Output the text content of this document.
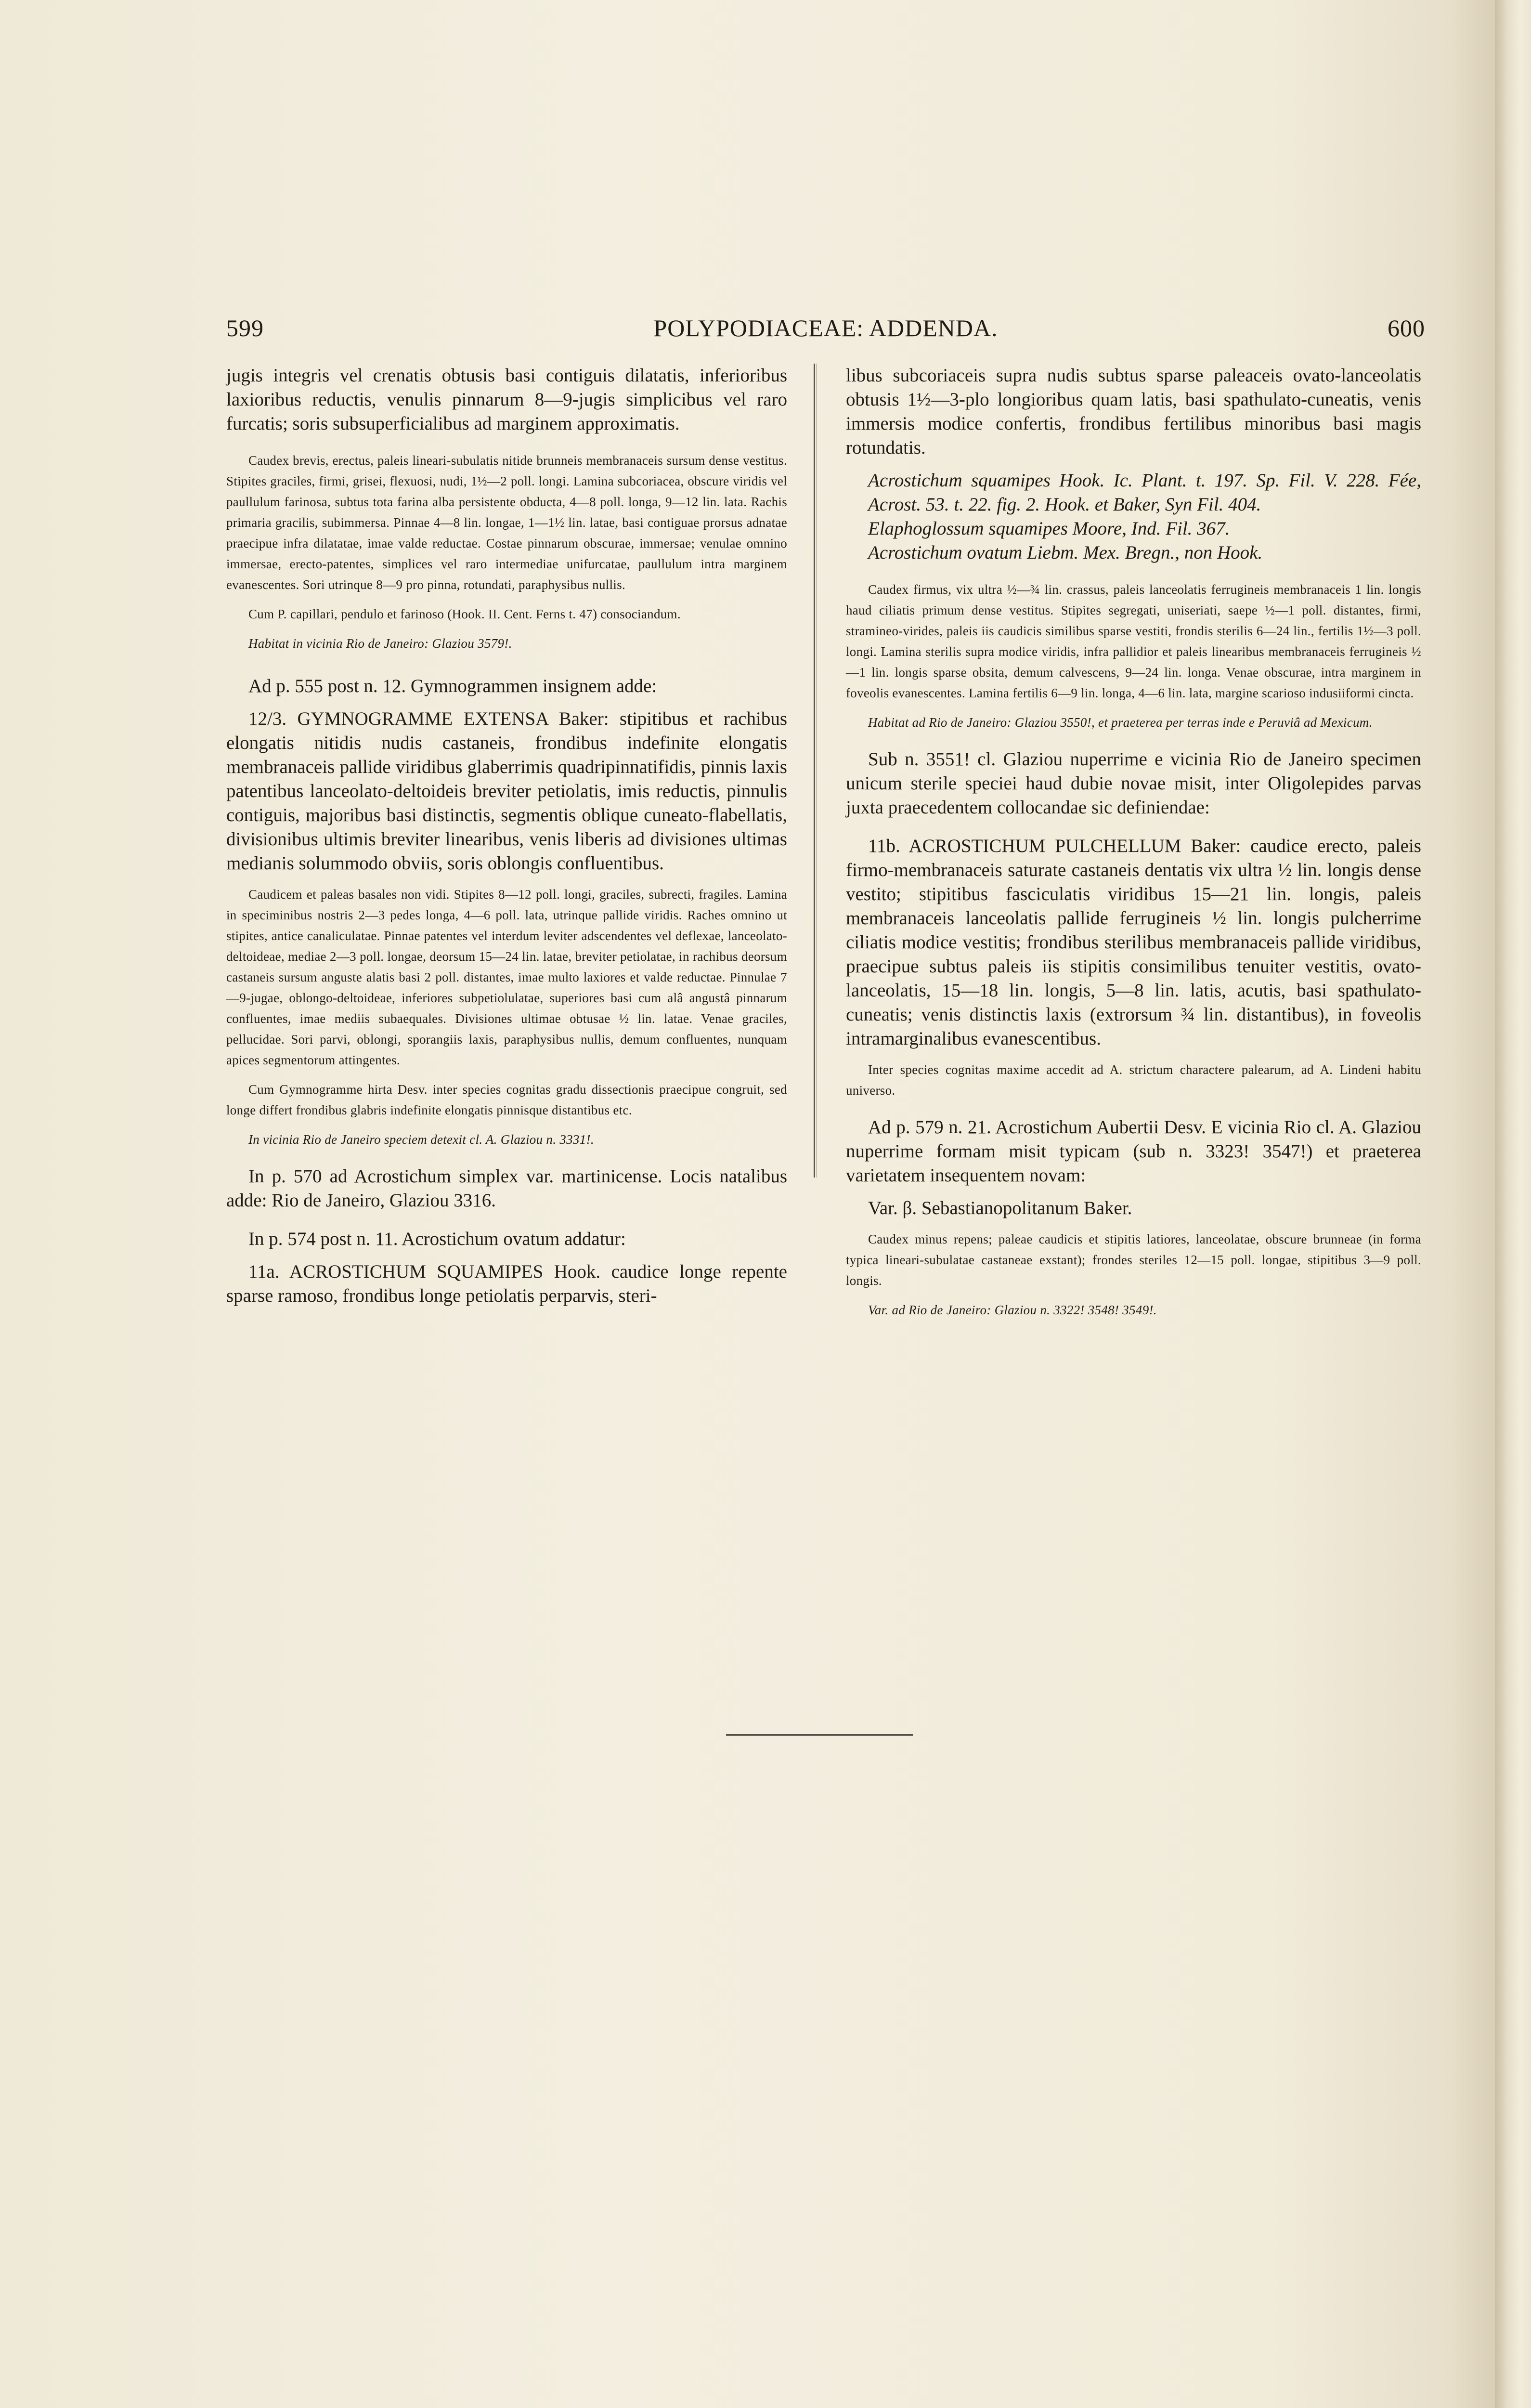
599	POLYPODIACEAE: ADDENDA.	600

jugis integris vel crenatis obtusis basi contiguis dilatatis, inferioribus laxioribus reductis, venulis pinnarum 8—9-jugis simplicibus vel raro furcatis; soris subsuperficialibus ad marginem approximatis.

Caudex brevis, erectus, paleis lineari-subulatis nitide brunneis membranaceis sursum dense vestitus. Stipites graciles, firmi, grisei, flexuosi, nudi, 1½—2 poll. longi. Lamina subcoriacea, obscure viridis vel paullulum farinosa, subtus tota farina alba persistente obducta, 4—8 poll. longa, 9—12 lin. lata. Rachis primaria gracilis, subimmersa. Pinnae 4—8 lin. longae, 1—1½ lin. latae, basi contiguae prorsus adnatae praecipue infra dilatatae, imae valde reductae. Costae pinnarum obscurae, immersae; venulae omnino immersae, erecto-patentes, simplices vel raro intermediae unifurcatae, paullulum intra marginem evanescentes. Sori utrinque 8—9 pro pinna, rotundati, paraphysibus nullis.

Cum P. capillari, pendulo et farinoso (Hook. II. Cent. Ferns t. 47) consociandum.

Habitat in vicinia Rio de Janeiro: Glaziou 3579!.

Ad p. 555 post n. 12. Gymnogrammen insignem adde:

12/3. GYMNOGRAMME EXTENSA Baker: stipitibus et rachibus elongatis nitidis nudis castaneis, frondibus indefinite elongatis membranaceis pallide viridibus glaberrimis quadripinnatifidis, pinnis laxis patentibus lanceolato-deltoideis breviter petiolatis, imis reductis, pinnulis contiguis, majoribus basi distinctis, segmentis oblique cuneato-flabellatis, divisionibus ultimis breviter linearibus, venis liberis ad divisiones ultimas medianis solummodo obviis, soris oblongis confluentibus.

Caudicem et paleas basales non vidi. Stipites 8—12 poll. longi, graciles, subrecti, fragiles. Lamina in speciminibus nostris 2—3 pedes longa, 4—6 poll. lata, utrinque pallide viridis. Raches omnino ut stipites, antice canaliculatae. Pinnae patentes vel interdum leviter adscendentes vel deflexae, lanceolato-deltoideae, mediae 2—3 poll. longae, deorsum 15—24 lin. latae, breviter petiolatae, in rachibus deorsum castaneis sursum anguste alatis basi 2 poll. distantes, imae multo laxiores et valde reductae. Pinnulae 7—9-jugae, oblongo-deltoideae, inferiores subpetiolulatae, superiores basi cum alâ angustâ pinnarum confluentes, imae mediis subaequales. Divisiones ultimae obtusae ½ lin. latae. Venae graciles, pellucidae. Sori parvi, oblongi, sporangiis laxis, paraphysibus nullis, demum confluentes, nunquam apices segmentorum attingentes.

Cum Gymnogramme hirta Desv. inter species cognitas gradu dissectionis praecipue congruit, sed longe differt frondibus glabris indefinite elongatis pinnisque distantibus etc.

In vicinia Rio de Janeiro speciem detexit cl. A. Glaziou n. 3331!.

In p. 570 ad Acrostichum simplex var. martinicense. Locis natalibus adde: Rio de Janeiro, Glaziou 3316.

In p. 574 post n. 11. Acrostichum ovatum addatur:

11a. ACROSTICHUM SQUAMIPES Hook. caudice longe repente sparse ramoso, frondibus longe petiolatis perparvis, steri-

libus subcoriaceis supra nudis subtus sparse paleaceis ovato-lanceolatis obtusis 1½—3-plo longioribus quam latis, basi spathulato-cuneatis, venis immersis modice confertis, frondibus fertilibus minoribus basi magis rotundatis.

Acrostichum squamipes Hook. Ic. Plant. t. 197. Sp. Fil. V. 228. Fée, Acrost. 53. t. 22. fig. 2. Hook. et Baker, Syn Fil. 404.

Elaphoglossum squamipes Moore, Ind. Fil. 367.

Acrostichum ovatum Liebm. Mex. Bregn., non Hook.

Caudex firmus, vix ultra ½—¾ lin. crassus, paleis lanceolatis ferrugineis membranaceis 1 lin. longis haud ciliatis primum dense vestitus. Stipites segregati, uniseriati, saepe ½—1 poll. distantes, firmi, stramineo-virides, paleis iis caudicis similibus sparse vestiti, frondis sterilis 6—24 lin., fertilis 1½—3 poll. longi. Lamina sterilis supra modice viridis, infra pallidior et paleis linearibus membranaceis ferrugineis ½—1 lin. longis sparse obsita, demum calvescens, 9—24 lin. longa. Venae obscurae, intra marginem in foveolis evanescentes. Lamina fertilis 6—9 lin. longa, 4—6 lin. lata, margine scarioso indusiiformi cincta.

Habitat ad Rio de Janeiro: Glaziou 3550!, et praeterea per terras inde e Peruviâ ad Mexicum.

Sub n. 3551! cl. Glaziou nuperrime e vicinia Rio de Janeiro specimen unicum sterile speciei haud dubie novae misit, inter Oligolepides parvas juxta praecedentem collocandae sic definiendae:

11b. ACROSTICHUM PULCHELLUM Baker: caudice erecto, paleis firmo-membranaceis saturate castaneis dentatis vix ultra ½ lin. longis dense vestito; stipitibus fasciculatis viridibus 15—21 lin. longis, paleis membranaceis lanceolatis pallide ferrugineis ½ lin. longis pulcherrime ciliatis modice vestitis; frondibus sterilibus membranaceis pallide viridibus, praecipue subtus paleis iis stipitis consimilibus tenuiter vestitis, ovato-lanceolatis, 15—18 lin. longis, 5—8 lin. latis, acutis, basi spathulato-cuneatis; venis distinctis laxis (extrorsum ¾ lin. distantibus), in foveolis intramarginalibus evanescentibus.

Inter species cognitas maxime accedit ad A. strictum charactere palearum, ad A. Lindeni habitu universo.

Ad p. 579 n. 21. Acrostichum Aubertii Desv. E vicinia Rio cl. A. Glaziou nuperrime formam misit typicam (sub n. 3323! 3547!) et praeterea varietatem insequentem novam:

Var. β. Sebastianopolitanum Baker.

Caudex minus repens; paleae caudicis et stipitis latiores, lanceolatae, obscure brunneae (in forma typica lineari-subulatae castaneae exstant); frondes steriles 12—15 poll. longae, stipitibus 3—9 poll. longis.

Var. ad Rio de Janeiro: Glaziou n. 3322! 3548! 3549!.
